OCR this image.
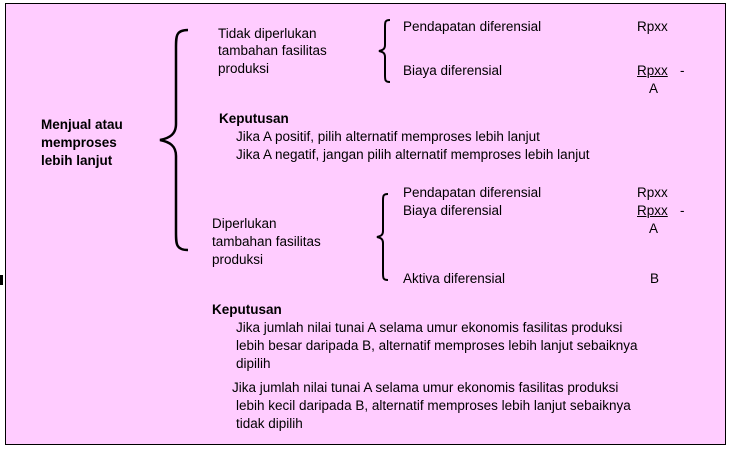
Menjual atau
memproses
lebih lanjut
Tidak diperlukan
tambahan fasilitas
produksi
Pendapatan diferensial	Rpxx
Biaya diferensial	Rpxx -
A
Keputusan
Jika A positif, pilih alternatif memproses lebih lanjut
Jika A negatif, jangan pilih alternatif memproses lebih lanjut
Pendapatan diferensial	Rpxx
Biaya diferensial	Rpxx -
A
Diperlukan
tambahan fasilitas
produksi
Aktiva diferensial	B
Keputusan
Jika jumlah nilai tunai A selama umur ekonomis fasilitas produksi
lebih besar daripada B, alternatif memproses lebih lanjut sebaiknya
dipilih
Jika jumlah nilai tunai A selama umur ekonomis fasilitas produksi
lebih kecil daripada B, alternatif memproses lebih lanjut sebaiknya
tidak dipilih
